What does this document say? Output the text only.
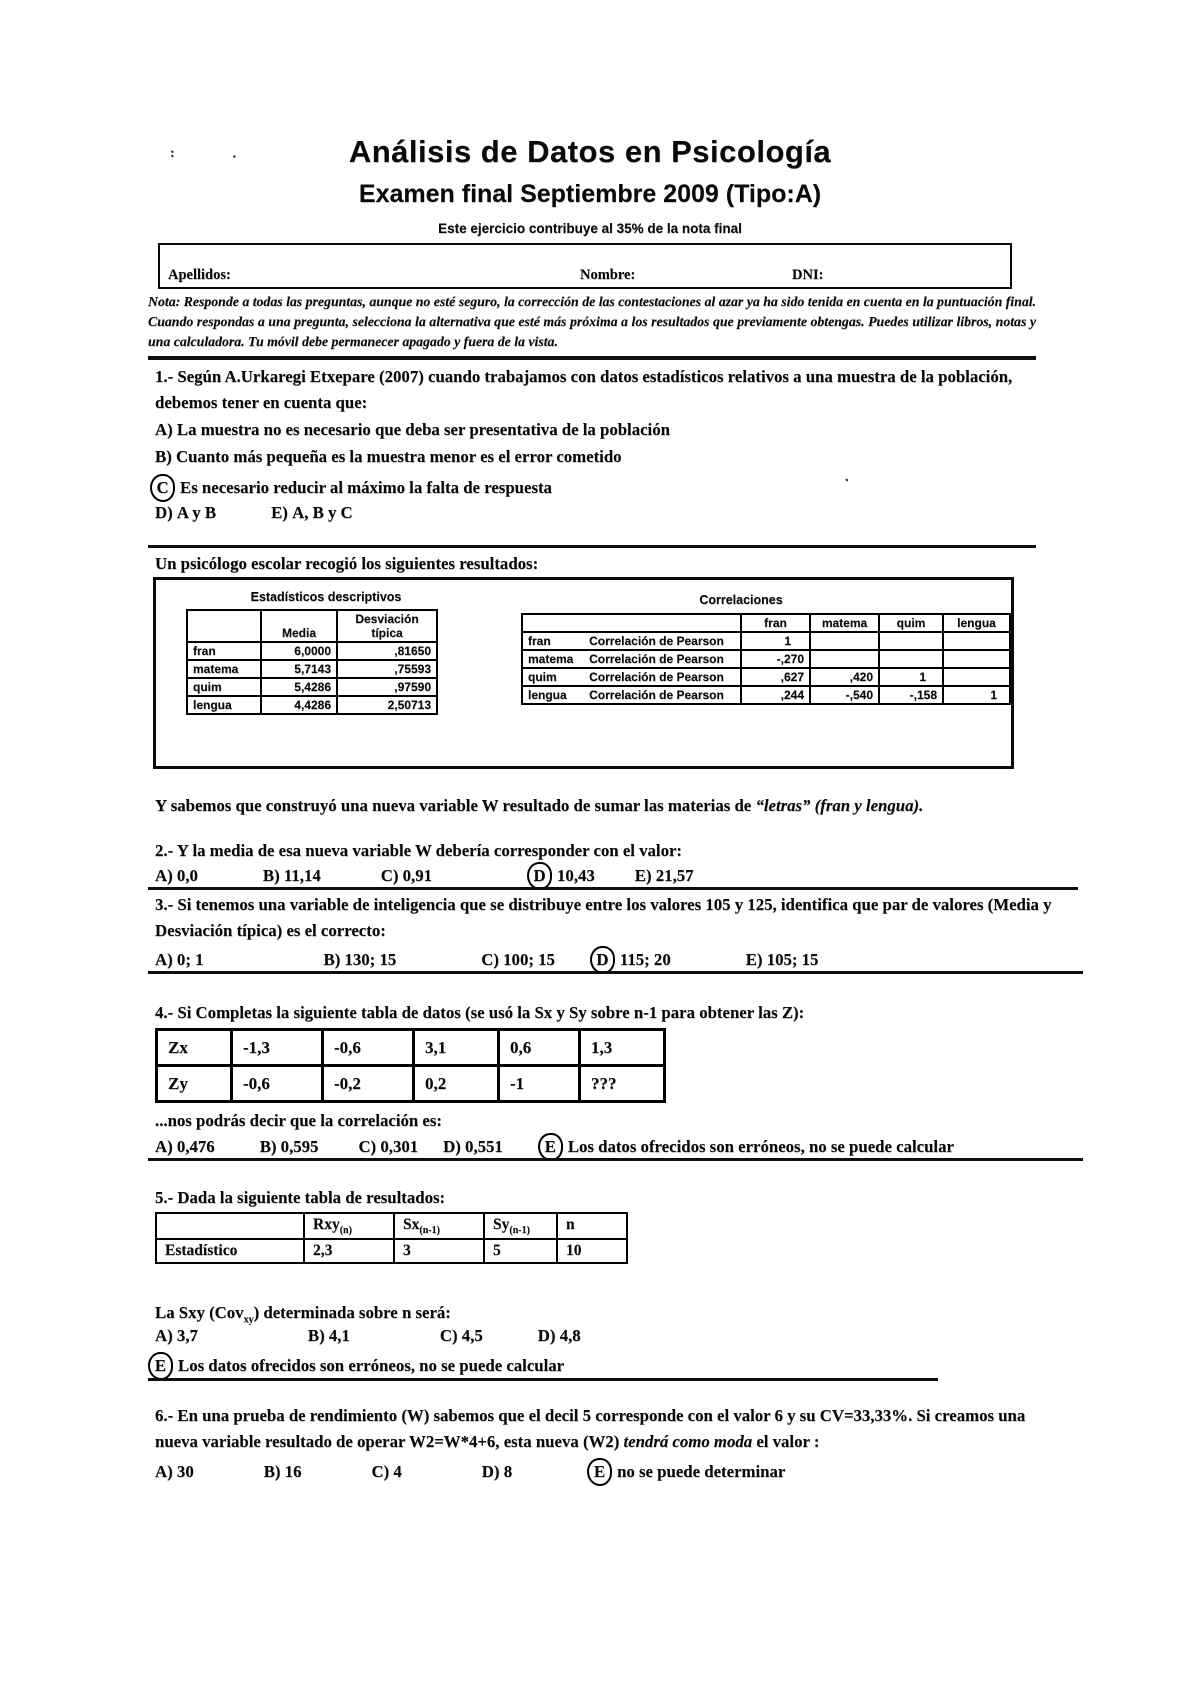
:	·
.
Análisis de Datos en Psicología
Examen final Septiembre 2009 (Tipo:A)
Este ejercicio contribuye al 35% de la nota final
Apellidos:	Nombre:	DNI:
Nota: Responde a todas las preguntas, aunque no esté seguro, la corrección de las contestaciones al azar ya ha sido tenida en cuenta en la puntuación final. Cuando respondas a una pregunta, selecciona la alternativa que esté más próxima a los resultados que previamente obtengas. Puedes utilizar libros, notas y una calculadora. Tu móvil debe permanecer apagado y fuera de la vista.
1.- Según A.Urkaregi Etxepare (2007) cuando trabajamos con datos estadísticos relativos a una muestra de la población, debemos tener en cuenta que:
A)
La muestra no es necesario que deba ser presentativa de la población
B)
Cuanto más pequeña es la muestra menor es el error cometido
C Es necesario reducir al máximo la falta de respuesta
D)
A y B	E)
A, B y C
Un psicólogo escolar recogió los siguientes resultados:
Estadísticos descriptivos
	Media	Desviación típica
fran	6,0000	,81650
matema	5,7143	,75593
quim	5,4286	,97590
lengua	4,4286	2,50713
Correlaciones
		fran	matema	quim	lengua
fran	Correlación de Pearson	1			
matema	Correlación de Pearson	-,270			
quim	Correlación de Pearson	,627	,420	1	
lengua	Correlación de Pearson	,244	-,540	-,158	1
Y sabemos que construyó una nueva variable W resultado de sumar las materias de “letras” (fran y lengua).
2.- Y la media de esa nueva variable W debería corresponder con el valor:
A)
0,0	B)
11,14	C)
0,91	D 10,43 E)
21,57
3.- Si tenemos una variable de inteligencia que se distribuye entre los valores 105 y 125, identifica que par de valores (Media y Desviación típica) es el correcto:
A)
0; 1	B)
130; 15	C)
100; 15	D 115; 20	E)
105; 15
4.- Si Completas la siguiente tabla de datos (se usó la Sx y Sy sobre n-1 para obtener las Z):
Zx	-1,3	-0,6	3,1	0,6	1,3
Zy	-0,6	-0,2	0,2	-1	???
...nos podrás decir que la correlación es:
A)
0,476	B)
0,595 C)
0,301 D)
0,551	E Los datos ofrecidos son erróneos, no se puede calcular
5.- Dada la siguiente tabla de resultados:
	Rxy$_{(n)}$	$Sx_{(n-1)}$	$Sy_{(n-1)}$	n
Estadístico	2,3	3	5	10
La Sxy (Cov$_{xy}$) determinada sobre n será:
A)
3,7	B)
4,1	C)
4,5	D)
4,8
E Los datos ofrecidos son erróneos, no se puede calcular
6.- En una prueba de rendimiento (W) sabemos que el decil 5 corresponde con el valor 6 y su CV=33,33%. Si creamos una nueva variable resultado de operar W2=W*4+6, esta nueva (W2) tendrá como moda el valor :
A)
30	B)
16	C)
4	D)
8	E no se puede determinar
